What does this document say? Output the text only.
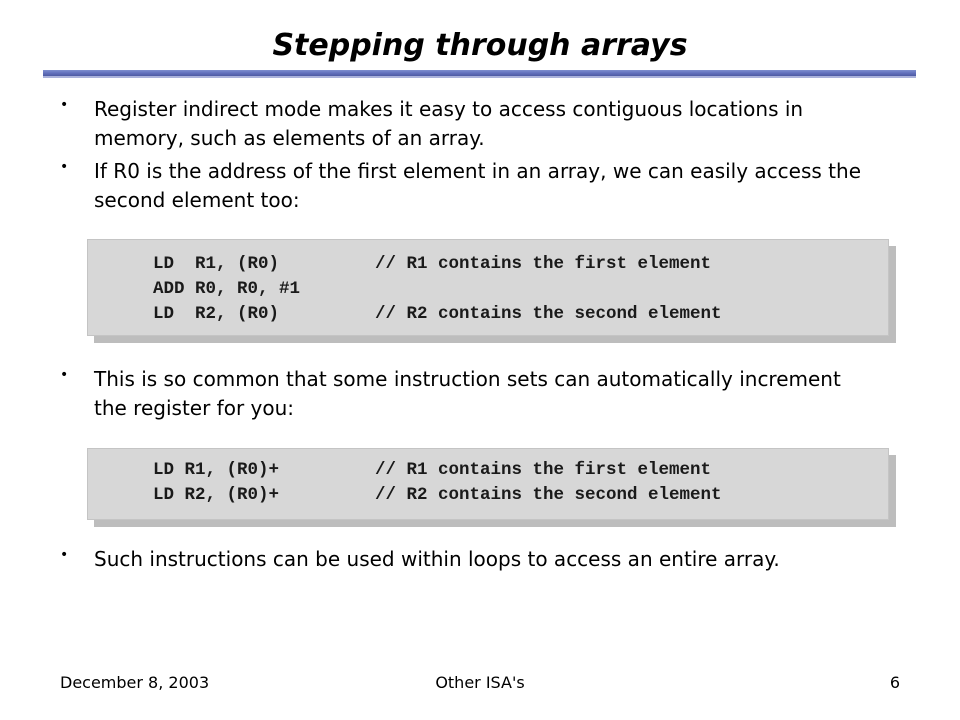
Stepping through arrays
• Register indirect mode makes it easy to access contiguous locations in memory, such as elements of an array.
• If R0 is the address of the first element in an array, we can easily access the second element too:
LD  R1, (R0)	// R1 contains the first element
ADD R0, R0, #1
LD  R2, (R0)	// R2 contains the second element
• This is so common that some instruction sets can automatically increment the register for you:
LD R1, (R0)+	// R1 contains the first element
LD R2, (R0)+	// R2 contains the second element
• Such instructions can be used within loops to access an entire array.
December 8, 2003	Other ISA's	6
